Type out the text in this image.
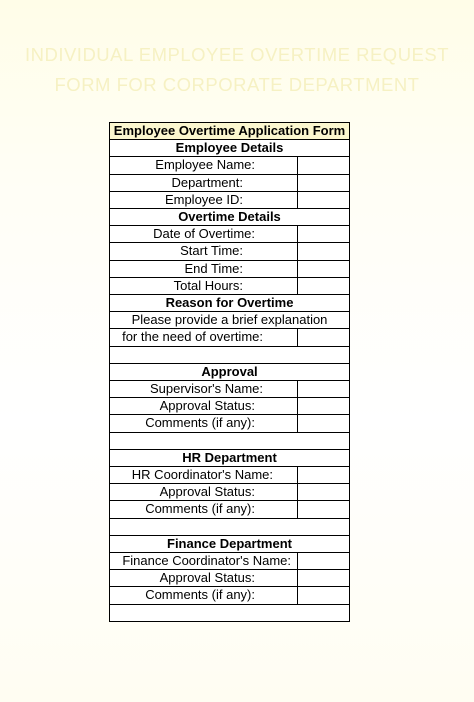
INDIVIDUAL EMPLOYEE OVERTIME REQUEST
FORM FOR CORPORATE DEPARTMENT
Employee Overtime Application Form	
Employee Details	
Employee Name:	
Department:	
Employee ID:	
Overtime Details	
Date of Overtime:	
Start Time:	
End Time:	
Total Hours:	
Reason for Overtime	
Please provide a brief explanation	
for the need of overtime:	

Approval	
Supervisor's Name:	
Approval Status:	
Comments (if any):	

HR Department	
HR Coordinator's Name:	
Approval Status:	
Comments (if any):	

Finance Department	
Finance Coordinator's Name:	
Approval Status:	
Comments (if any):	
